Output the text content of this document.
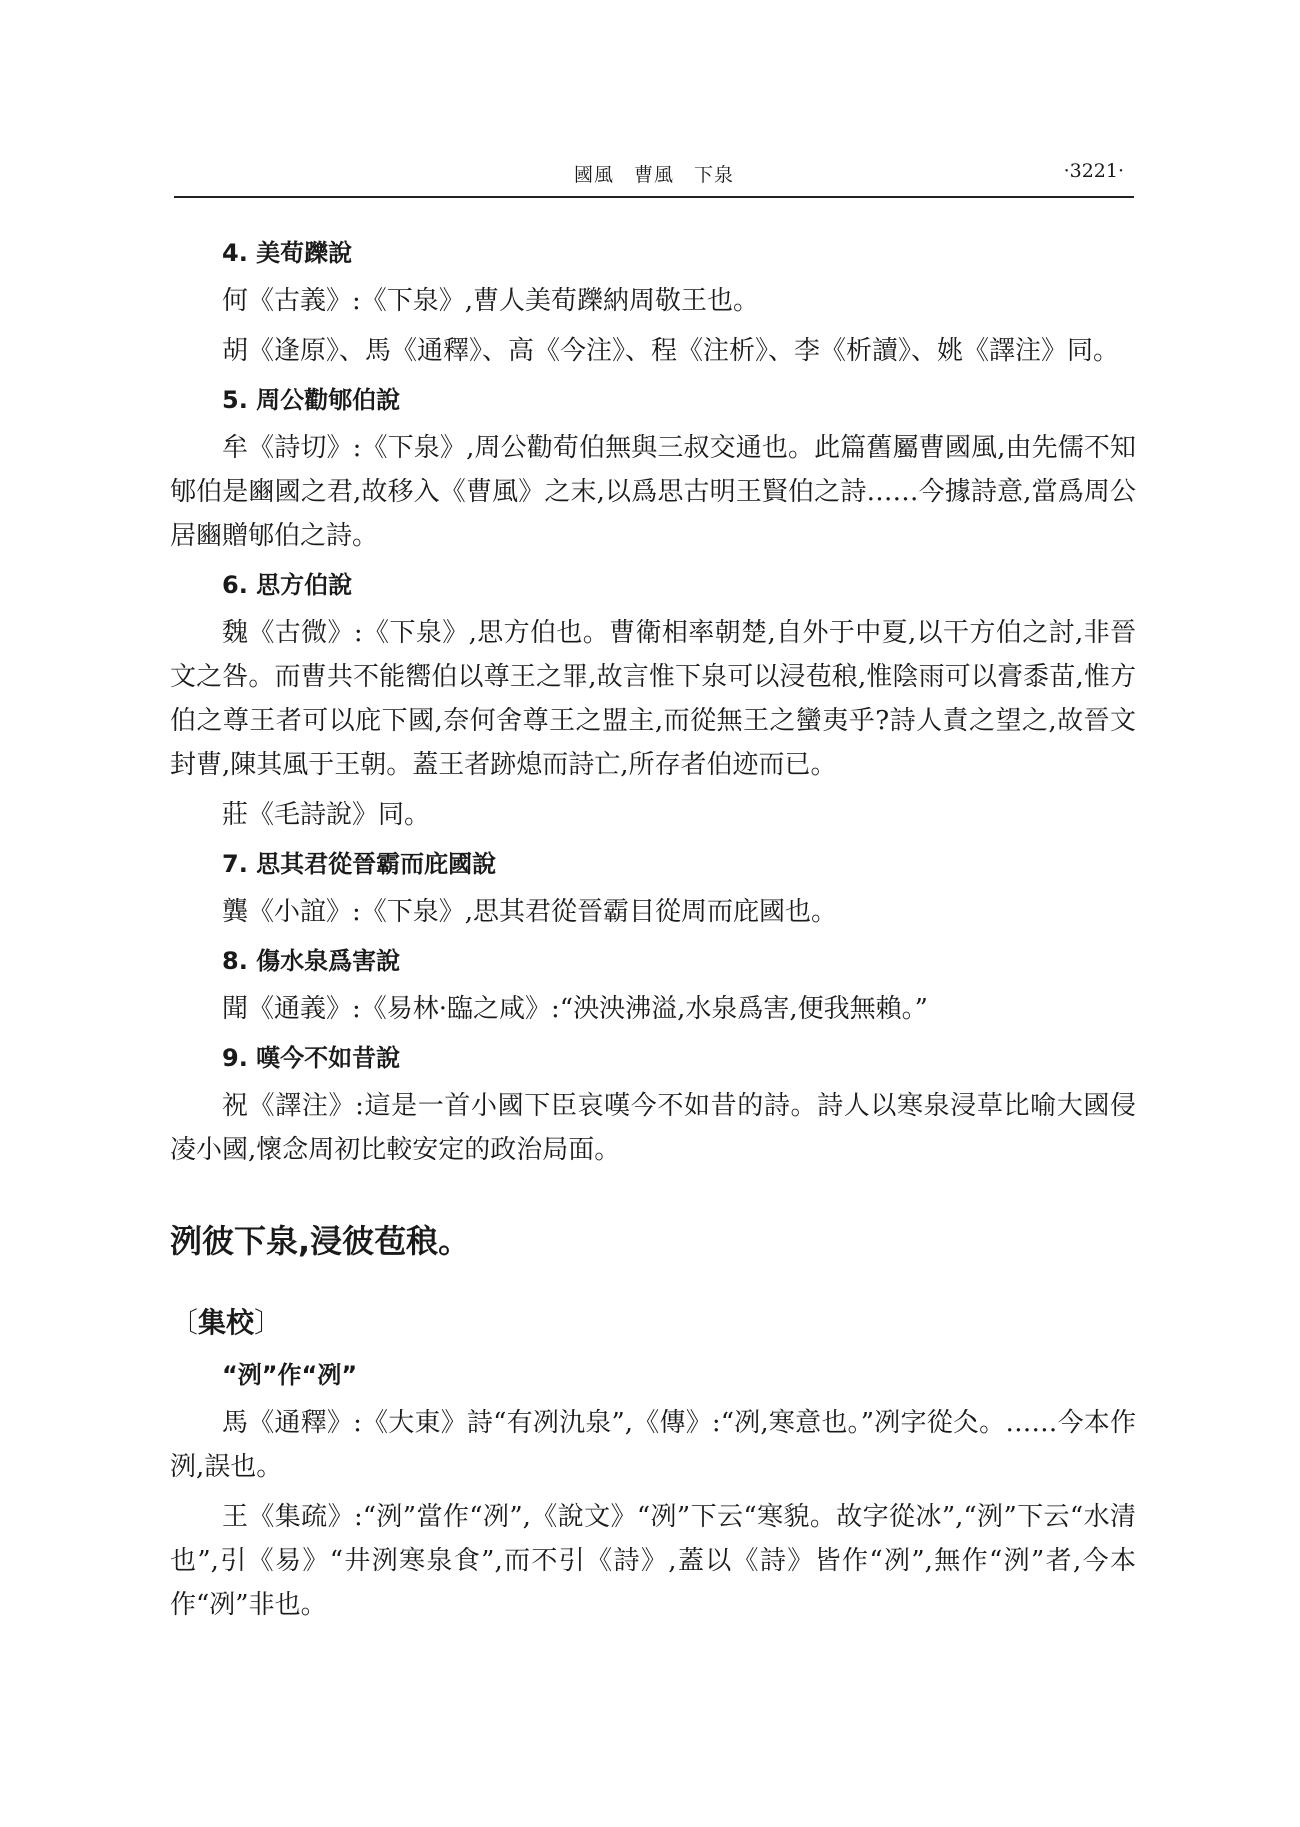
國風　曹風　下泉	·3221·
4. 美荀躒說

何《古義》:《下泉》,曹人美荀躒納周敬王也。

胡《逢原》、馬《通釋》、高《今注》、程《注析》、李《析讀》、姚《譯注》同。

5. 周公勸郇伯說

牟《詩切》:《下泉》,周公勸荀伯無與三叔交通也。此篇舊屬曹國風,由先儒不知郇伯是豳國之君,故移入《曹風》之末,以爲思古明王賢伯之詩……今據詩意,當爲周公居豳贈郇伯之詩。

6. 思方伯說

魏《古微》:《下泉》,思方伯也。曹衛相率朝楚,自外于中夏,以干方伯之討,非晉文之咎。而曹共不能嚮伯以尊王之罪,故言惟下泉可以浸苞稂,惟陰雨可以膏黍苗,惟方伯之尊王者可以庇下國,奈何舍尊王之盟主,而從無王之蠻夷乎?詩人責之望之,故晉文封曹,陳其風于王朝。蓋王者跡熄而詩亡,所存者伯迹而已。

莊《毛詩說》同。

7. 思其君從晉霸而庇國說

龔《小誼》:《下泉》,思其君從晉霸目從周而庇國也。

8. 傷水泉爲害說

聞《通義》:《易林·臨之咸》:“泱泱沸溢,水泉爲害,便我無賴。”

9. 嘆今不如昔說

祝《譯注》:這是一首小國下臣哀嘆今不如昔的詩。詩人以寒泉浸草比喻大國侵凌小國,懷念周初比較安定的政治局面。

洌彼下泉,浸彼苞稂。
〔集校〕
“洌”作“冽”

馬《通釋》:《大東》詩“有冽氿泉”,《傳》:“冽,寒意也。”冽字從仌。……今本作洌,誤也。

王《集疏》:“洌”當作“冽”,《說文》“冽”下云“寒貌。故字從冰”,“洌”下云“水清也”,引《易》“井洌寒泉食”,而不引《詩》,蓋以《詩》皆作“冽”,無作“洌”者,今本作“冽”非也。
